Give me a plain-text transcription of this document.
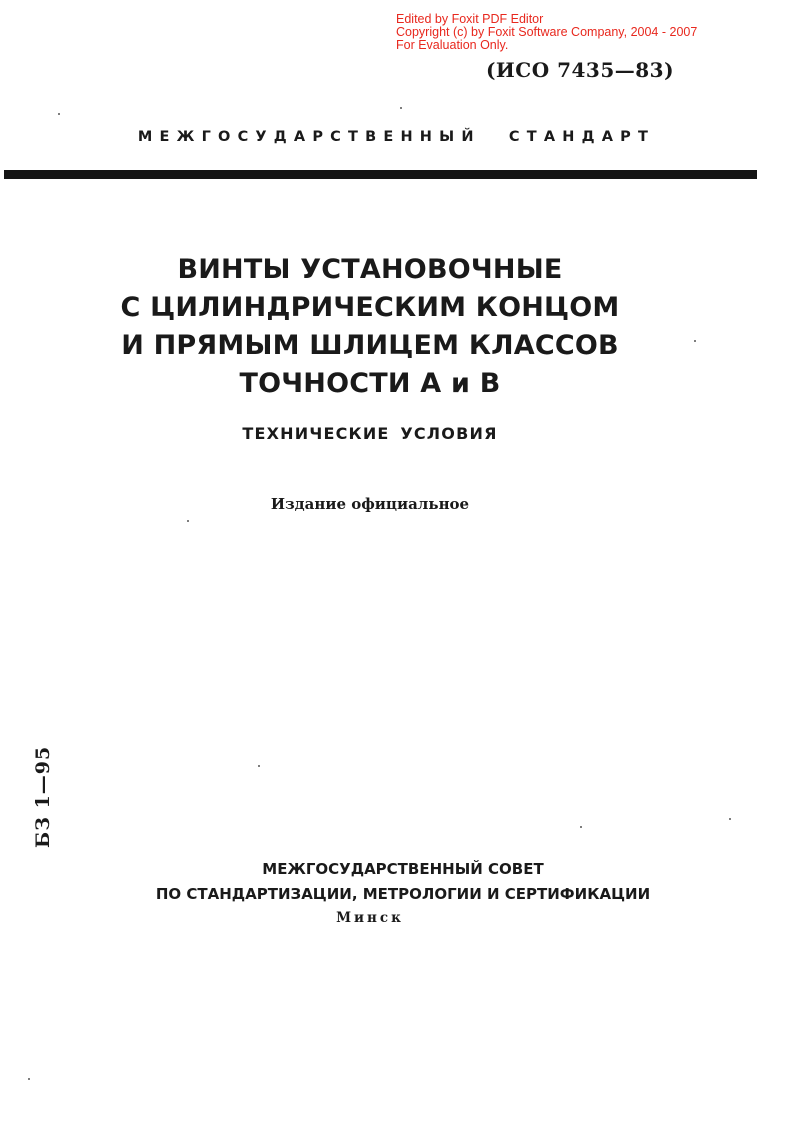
Edited by Foxit PDF Editor
Copyright (c) by Foxit Software Company, 2004 - 2007
For Evaluation Only.
(ИСО 7435—83)
МЕЖГОСУДАРСТВЕННЫЙ СТАНДАРТ
ВИНТЫ УСТАНОВОЧНЫЕ
С ЦИЛИНДРИЧЕСКИМ КОНЦОМ
И ПРЯМЫМ ШЛИЦЕМ КЛАССОВ
ТОЧНОСТИ А и В
ТЕХНИЧЕСКИЕ УСЛОВИЯ
Издание официальное
БЗ 1—95
МЕЖГОСУДАРСТВЕННЫЙ СОВЕТ
ПО СТАНДАРТИЗАЦИИ, МЕТРОЛОГИИ И СЕРТИФИКАЦИИ
Минск
